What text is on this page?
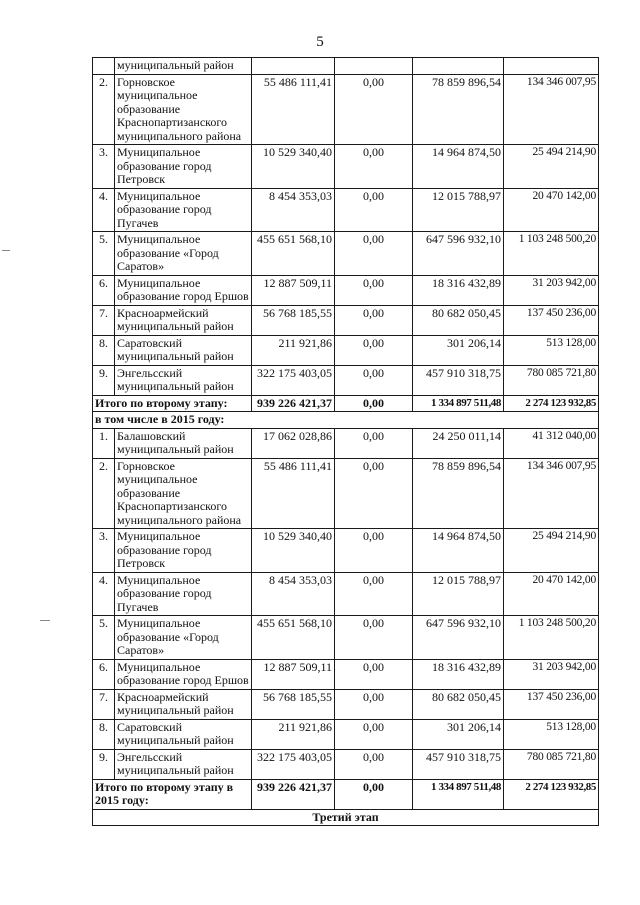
5
	муниципальный район				
2.	Горновское муниципальное образование Краснопартизанского муниципального района	55 486 111,41	0,00	78 859 896,54	134 346 007,95
3.	Муниципальное образование город Петровск	10 529 340,40	0,00	14 964 874,50	25 494 214,90
4.	Муниципальное образование город Пугачев	8 454 353,03	0,00	12 015 788,97	20 470 142,00
5.	Муниципальное образование «Город Саратов»	455 651 568,10	0,00	647 596 932,10	1 103 248 500,20
6.	Муниципальное образование город Ершов	12 887 509,11	0,00	18 316 432,89	31 203 942,00
7.	Красноармейский муниципальный район	56 768 185,55	0,00	80 682 050,45	137 450 236,00
8.	Саратовский муниципальный район	211 921,86	0,00	301 206,14	513 128,00
9.	Энгельсский муниципальный район	322 175 403,05	0,00	457 910 318,75	780 085 721,80
Итого по второму этапу:		939 226 421,37	0,00	1 334 897 511,48	2 274 123 932,85
в том числе в 2015 году:					
1.	Балашовский муниципальный район	17 062 028,86	0,00	24 250 011,14	41 312 040,00
2.	Горновское муниципальное образование Краснопартизанского муниципального района	55 486 111,41	0,00	78 859 896,54	134 346 007,95
3.	Муниципальное образование город Петровск	10 529 340,40	0,00	14 964 874,50	25 494 214,90
4.	Муниципальное образование город Пугачев	8 454 353,03	0,00	12 015 788,97	20 470 142,00
5.	Муниципальное образование «Город Саратов»	455 651 568,10	0,00	647 596 932,10	1 103 248 500,20
6.	Муниципальное образование город Ершов	12 887 509,11	0,00	18 316 432,89	31 203 942,00
7.	Красноармейский муниципальный район	56 768 185,55	0,00	80 682 050,45	137 450 236,00
8.	Саратовский муниципальный район	211 921,86	0,00	301 206,14	513 128,00
9.	Энгельсский муниципальный район	322 175 403,05	0,00	457 910 318,75	780 085 721,80
Итого по второму этапу в 2015 году:		939 226 421,37	0,00	1 334 897 511,48	2 274 123 932,85
Третий этап					
